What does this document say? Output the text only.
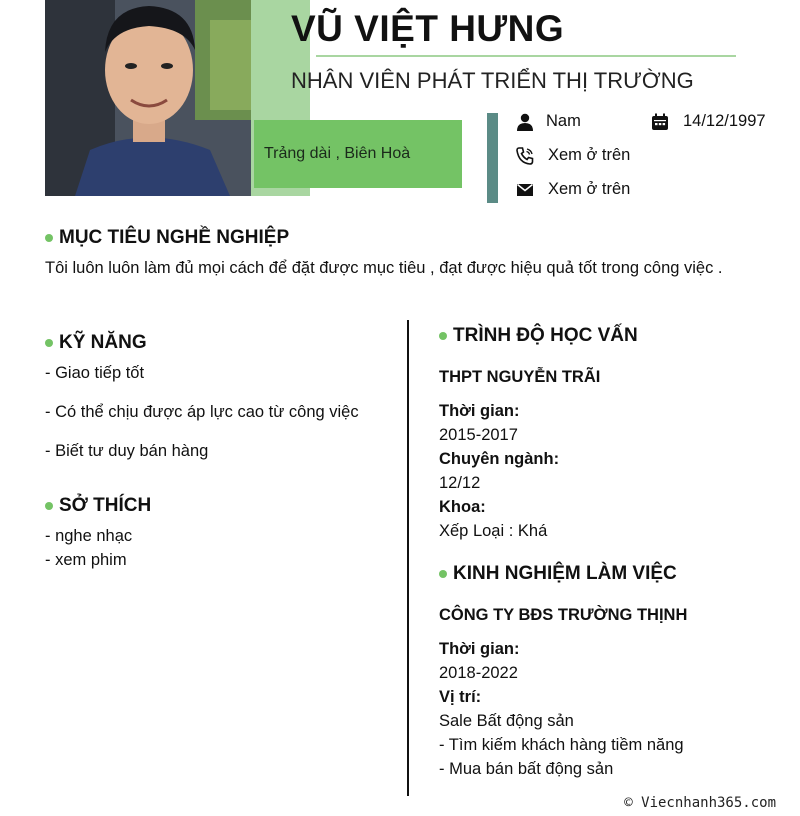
VŨ VIỆT HƯNG
NHÂN VIÊN PHÁT TRIỂN THỊ TRƯỜNG
Trảng dài , Biên Hoà
Nam	14/12/1997
Xem ở trên
Xem ở trên
MỤC TIÊU NGHỀ NGHIỆP
Tôi luôn luôn làm đủ mọi cách để đặt được mục tiêu , đạt được hiệu quả tốt trong công việc .
KỸ NĂNG
- Giao tiếp tốt
- Có thể chịu được áp lực cao từ công việc
- Biết tư duy bán hàng
SỞ THÍCH
- nghe nhạc
- xem phim
TRÌNH ĐỘ HỌC VẤN
THPT NGUYỄN TRÃI
Thời gian:
2015-2017
Chuyên ngành:
12/12
Khoa:
Xếp Loại : Khá
KINH NGHIỆM LÀM VIỆC
CÔNG TY BĐS TRƯỜNG THỊNH
Thời gian:
2018-2022
Vị trí:
Sale Bất động sản
- Tìm kiếm khách hàng tiềm năng
- Mua bán bất động sản
© Viecnhanh365.com
